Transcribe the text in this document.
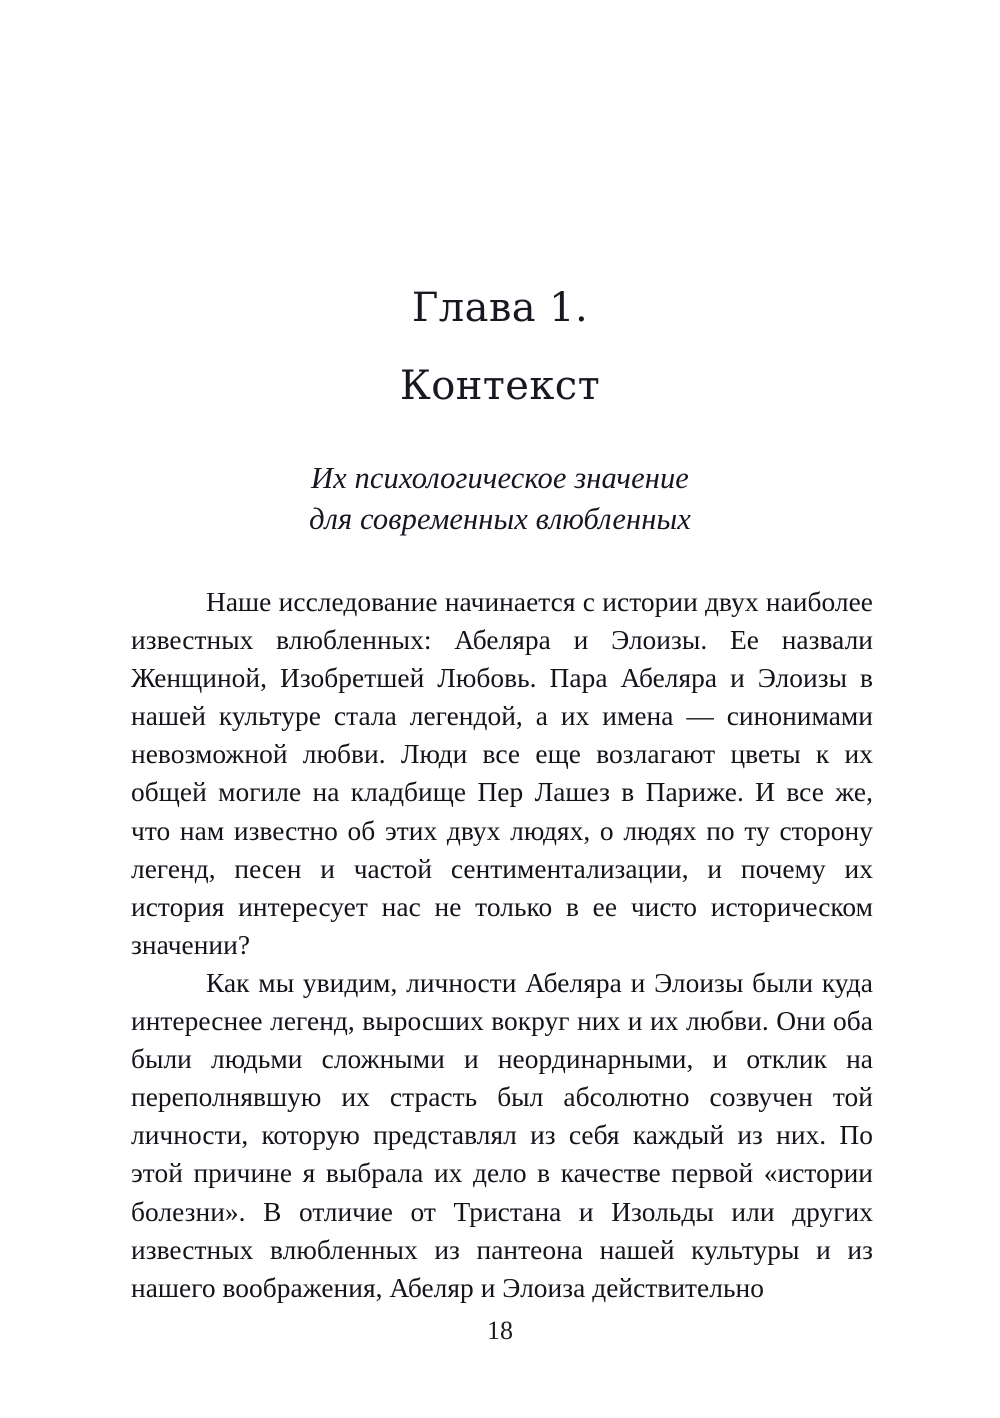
Глава 1.
Контекст
Их психологическое значение
для современных влюбленных

Наше исследование начинается с истории двух наиболее известных влюбленных: Абеляра и Элоизы. Ее назвали Женщиной, Изобретшей Любовь. Пара Абеляра и Элоизы в нашей культуре стала легендой, а их имена — синонимами невозможной любви. Люди все еще возлагают цветы к их общей могиле на кладбище Пер Лашез в Париже. И все же, что нам известно об этих двух людях, о людях по ту сторону легенд, песен и частой сентиментализации, и почему их история интересует нас не только в ее чисто историческом значении?

Как мы увидим, личности Абеляра и Элоизы были куда интереснее легенд, выросших вокруг них и их любви. Они оба были людьми сложными и неординарными, и отклик на переполнявшую их страсть был абсолютно созвучен той личности, которую представлял из себя каждый из них. По этой причине я выбрала их дело в качестве первой «истории болезни». В отличие от Тристана и Изольды или других известных влюбленных из пантеона нашей культуры и из нашего воображения, Абеляр и Элоиза действительно

18
